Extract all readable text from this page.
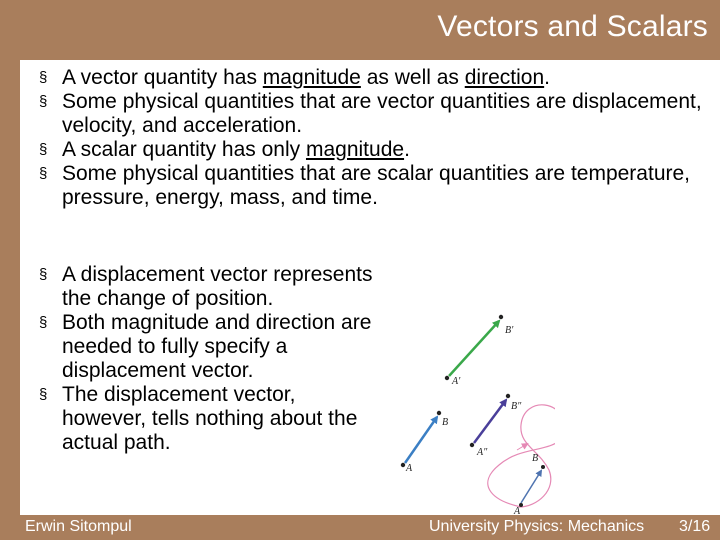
Vectors and Scalars
§ A vector quantity has magnitude as well as direction.
§ Some physical quantities that are vector quantities are displacement, velocity, and acceleration.
§ A scalar quantity has only magnitude.
§ Some physical quantities that are scalar quantities are temperature, pressure, energy, mass, and time.
§ A displacement vector represents the change of position.
§ Both magnitude and direction are needed to fully specify a displacement vector.
§ The displacement vector, however, tells nothing about the actual path.
A'
B'
A
B
A"
B"
A
B
Erwin Sitompul	University Physics: Mechanics 3/16
